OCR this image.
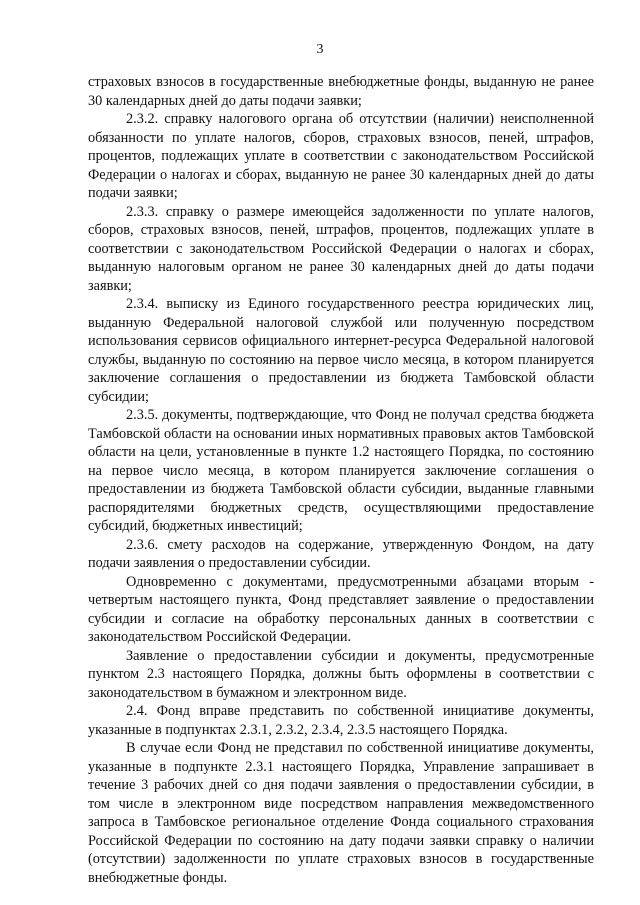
3

страховых взносов в государственные внебюджетные фонды, выданную не ранее 30 календарных дней до даты подачи заявки;

2.3.2. справку налогового органа об отсутствии (наличии) неисполненной обязанности по уплате налогов, сборов, страховых взносов, пеней, штрафов, процентов, подлежащих уплате в соответствии с законодательством Российской Федерации о налогах и сборах, выданную не ранее 30 календарных дней до даты подачи заявки;

2.3.3. справку о размере имеющейся задолженности по уплате налогов, сборов, страховых взносов, пеней, штрафов, процентов, подлежащих уплате в соответствии с законодательством Российской Федерации о налогах и сборах, выданную налоговым органом не ранее 30 календарных дней до даты подачи заявки;

2.3.4. выписку из Единого государственного реестра юридических лиц, выданную Федеральной налоговой службой или полученную посредством использования сервисов официального интернет-ресурса Федеральной налоговой службы, выданную по состоянию на первое число месяца, в котором планируется заключение соглашения о предоставлении из бюджета Тамбовской области субсидии;

2.3.5. документы, подтверждающие, что Фонд не получал средства бюджета Тамбовской области на основании иных нормативных правовых актов Тамбовской области на цели, установленные в пункте 1.2 настоящего Порядка, по состоянию на первое число месяца, в котором планируется заключение соглашения о предоставлении из бюджета Тамбовской области субсидии, выданные главными распорядителями бюджетных средств, осуществляющими предоставление субсидий, бюджетных инвестиций;

2.3.6. смету расходов на содержание, утвержденную Фондом, на дату подачи заявления о предоставлении субсидии.

Одновременно с документами, предусмотренными абзацами вторым - четвертым настоящего пункта, Фонд представляет заявление о предоставлении субсидии и согласие на обработку персональных данных в соответствии с законодательством Российской Федерации.

Заявление о предоставлении субсидии и документы, предусмотренные пунктом 2.3 настоящего Порядка, должны быть оформлены в соответствии с законодательством в бумажном и электронном виде.

2.4. Фонд вправе представить по собственной инициативе документы, указанные в подпунктах 2.3.1, 2.3.2, 2.3.4, 2.3.5 настоящего Порядка.

В случае если Фонд не представил по собственной инициативе документы, указанные в подпункте 2.3.1 настоящего Порядка, Управление запрашивает в течение 3 рабочих дней со дня подачи заявления о предоставлении субсидии, в том числе в электронном виде посредством направления межведомственного запроса в Тамбовское региональное отделение Фонда социального страхования Российской Федерации по состоянию на дату подачи заявки справку о наличии (отсутствии) задолженности по уплате страховых взносов в государственные внебюджетные фонды.
